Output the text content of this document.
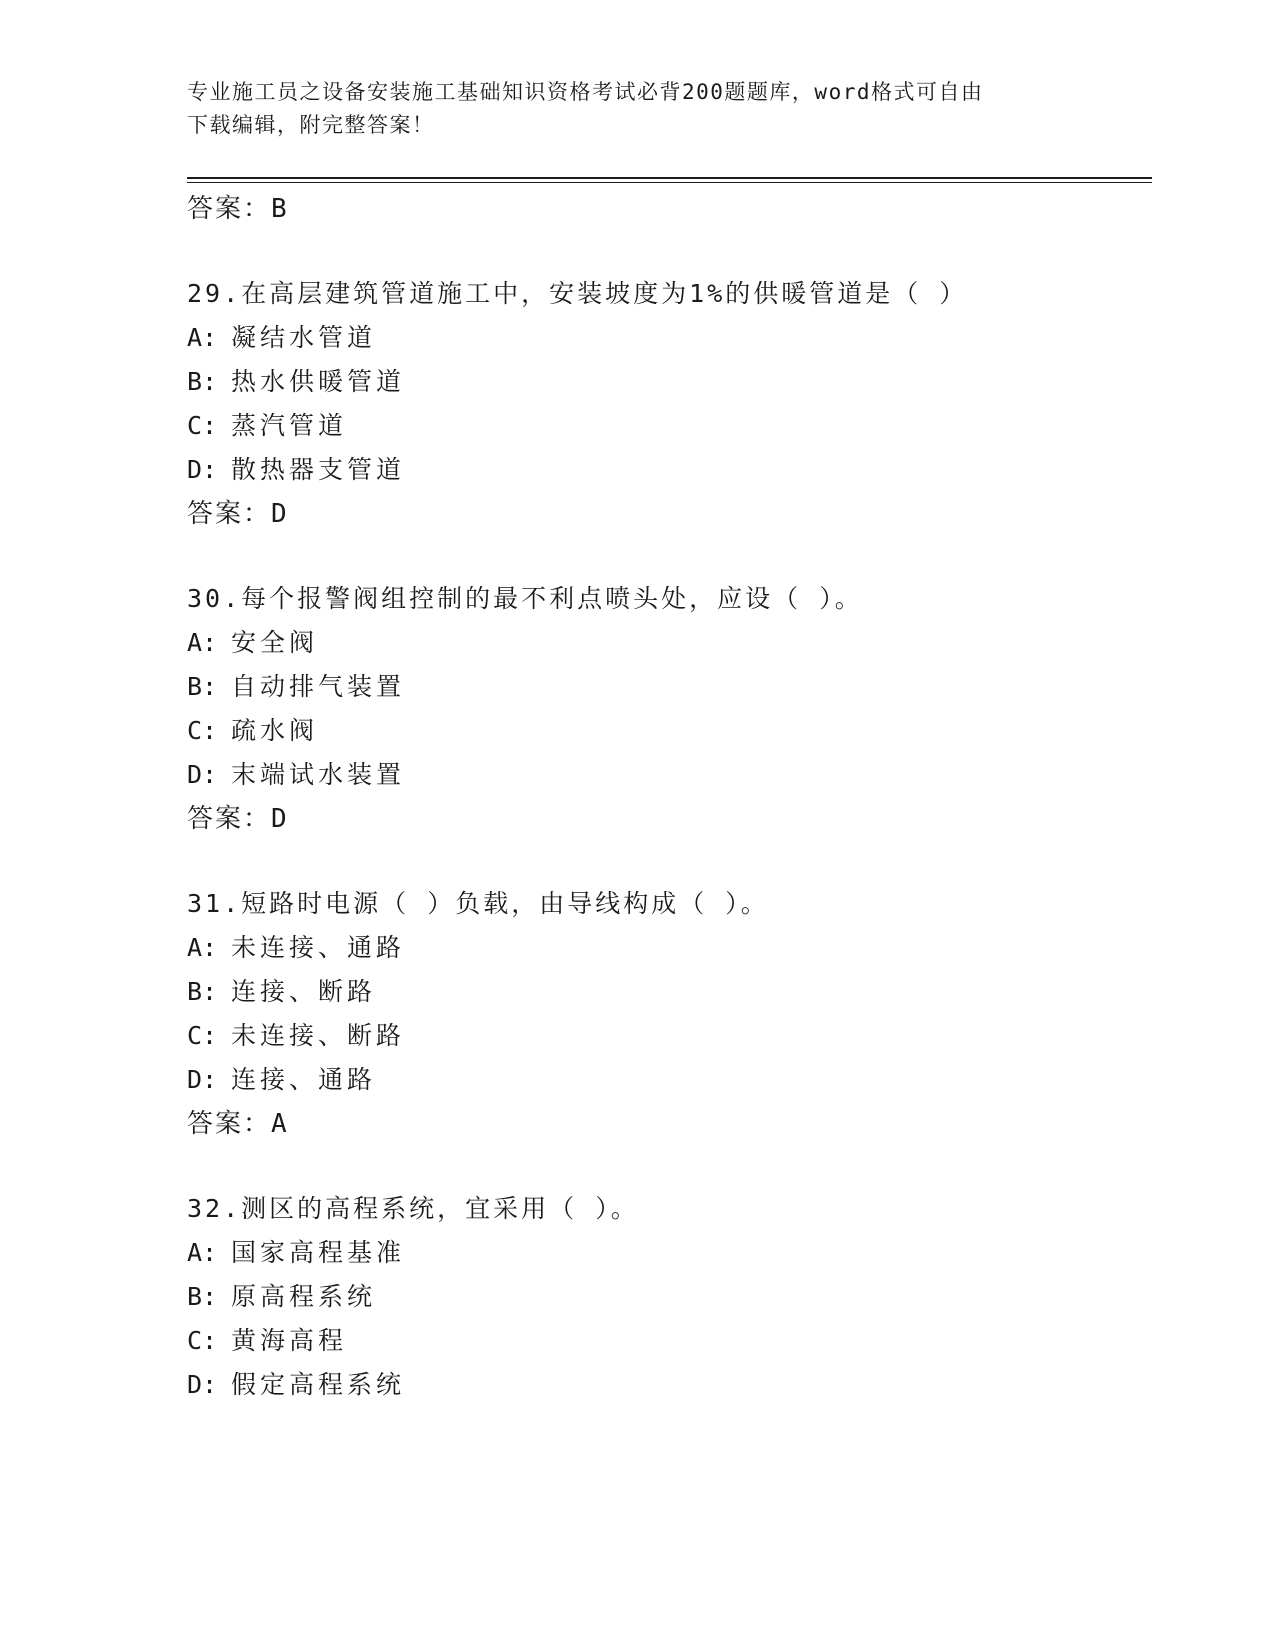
专业施工员之设备安装施工基础知识资格考试必背200题题库，word格式可自由
下载编辑，附完整答案！
答案：B
29.在高层建筑管道施工中，安装坡度为1%的供暖管道是（ ）
A: 凝结水管道
B: 热水供暖管道
C: 蒸汽管道
D: 散热器支管道
答案：D
30.每个报警阀组控制的最不利点喷头处，应设（ ）。
A: 安全阀
B: 自动排气装置
C: 疏水阀
D: 末端试水装置
答案：D
31.短路时电源（ ）负载，由导线构成（ ）。
A: 未连接、通路
B: 连接、断路
C: 未连接、断路
D: 连接、通路
答案：A
32.测区的高程系统，宜采用（ ）。
A: 国家高程基准
B: 原高程系统
C: 黄海高程
D: 假定高程系统
